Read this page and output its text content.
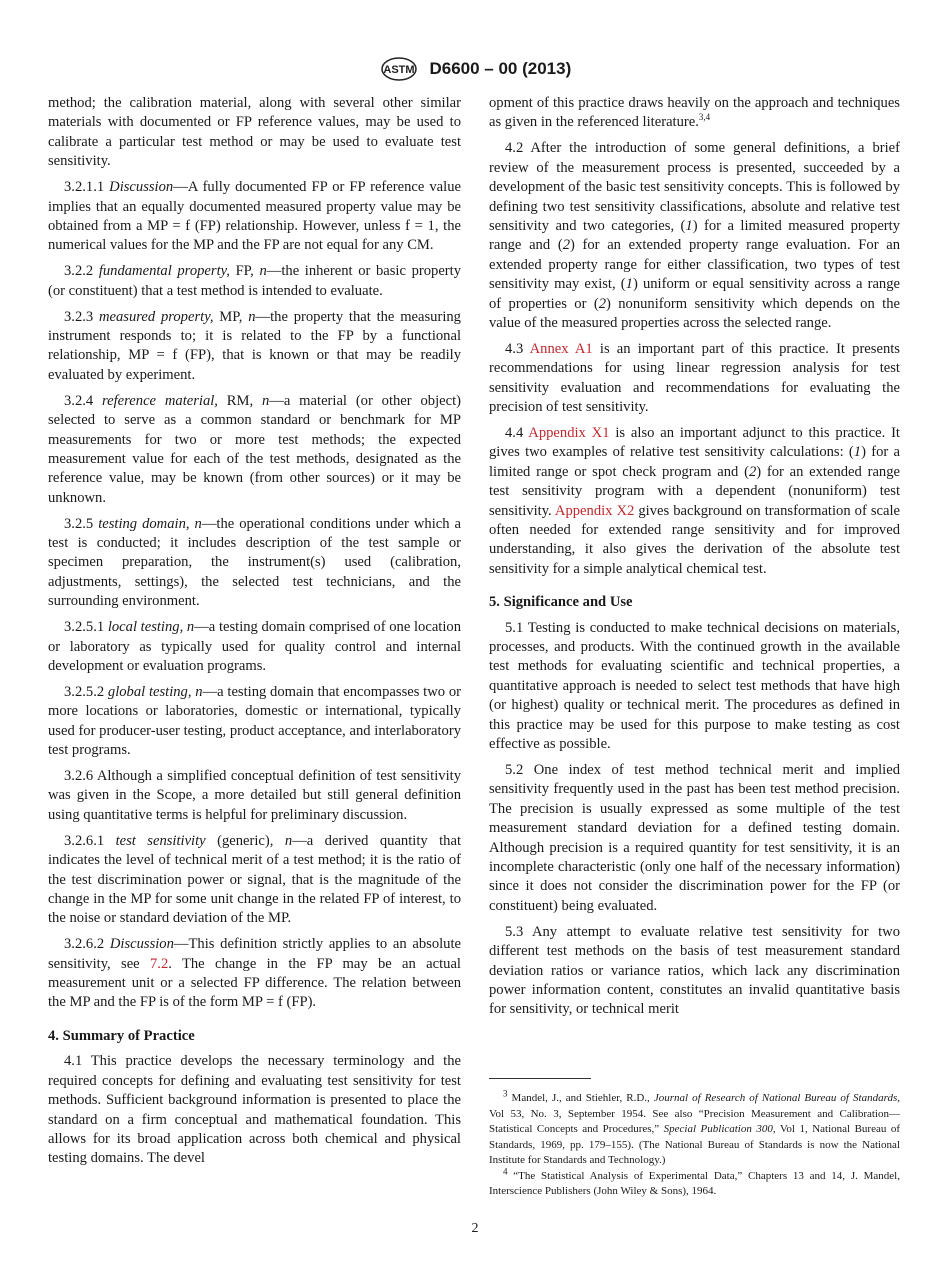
ASTM D6600 – 00 (2013)

method; the calibration material, along with several other similar materials with documented or FP reference values, may be used to calibrate a particular test method or may be used to evaluate test sensitivity.

3.2.1.1 Discussion—A fully documented FP or FP reference value implies that an equally documented measured property value may be obtained from a MP = f (FP) relationship. However, unless f = 1, the numerical values for the MP and the FP are not equal for any CM.

3.2.2 fundamental property, FP, n—the inherent or basic property (or constituent) that a test method is intended to evaluate.

3.2.3 measured property, MP, n—the property that the measuring instrument responds to; it is related to the FP by a functional relationship, MP = f (FP), that is known or that may be readily evaluated by experiment.

3.2.4 reference material, RM, n—a material (or other object) selected to serve as a common standard or benchmark for MP measurements for two or more test methods; the expected measurement value for each of the test methods, designated as the reference value, may be known (from other sources) or it may be unknown.

3.2.5 testing domain, n—the operational conditions under which a test is conducted; it includes description of the test sample or specimen preparation, the instrument(s) used (calibration, adjustments, settings), the selected test technicians, and the surrounding environment.

3.2.5.1 local testing, n—a testing domain comprised of one location or laboratory as typically used for quality control and internal development or evaluation programs.

3.2.5.2 global testing, n—a testing domain that encompasses two or more locations or laboratories, domestic or international, typically used for producer-user testing, product acceptance, and interlaboratory test programs.

3.2.6 Although a simplified conceptual definition of test sensitivity was given in the Scope, a more detailed but still general definition using quantitative terms is helpful for preliminary discussion.

3.2.6.1 test sensitivity (generic), n—a derived quantity that indicates the level of technical merit of a test method; it is the ratio of the test discrimination power or signal, that is the magnitude of the change in the MP for some unit change in the related FP of interest, to the noise or standard deviation of the MP.

3.2.6.2 Discussion—This definition strictly applies to an absolute sensitivity, see 7.2. The change in the FP may be an actual measurement unit or a selected FP difference. The relation between the MP and the FP is of the form MP = f (FP).

4. Summary of Practice

4.1 This practice develops the necessary terminology and the required concepts for defining and evaluating test sensitivity for test methods. Sufficient background information is presented to place the standard on a firm conceptual and mathematical foundation. This allows for its broad application across both chemical and physical testing domains. The devel

opment of this practice draws heavily on the approach and techniques as given in the referenced literature.$^{3,4}$

4.2 After the introduction of some general definitions, a brief review of the measurement process is presented, succeeded by a development of the basic test sensitivity concepts. This is followed by defining two test sensitivity classifications, absolute and relative test sensitivity and two categories, (1) for a limited measured property range and (2) for an extended property range evaluation. For an extended property range for either classification, two types of test sensitivity may exist, (1) uniform or equal sensitivity across a range of properties or (2) nonuniform sensitivity which depends on the value of the measured properties across the selected range.

4.3 Annex A1 is an important part of this practice. It presents recommendations for using linear regression analysis for test sensitivity evaluation and recommendations for evaluating the precision of test sensitivity.

4.4 Appendix X1 is also an important adjunct to this practice. It gives two examples of relative test sensitivity calculations: (1) for a limited range or spot check program and (2) for an extended range test sensitivity program with a dependent (nonuniform) test sensitivity. Appendix X2 gives background on transformation of scale often needed for extended range sensitivity and for improved understanding, it also gives the derivation of the absolute test sensitivity for a simple analytical chemical test.

5. Significance and Use

5.1 Testing is conducted to make technical decisions on materials, processes, and products. With the continued growth in the available test methods for evaluating scientific and technical properties, a quantitative approach is needed to select test methods that have high (or highest) quality or technical merit. The procedures as defined in this practice may be used for this purpose to make testing as cost effective as possible.

5.2 One index of test method technical merit and implied sensitivity frequently used in the past has been test method precision. The precision is usually expressed as some multiple of the test measurement standard deviation for a defined testing domain. Although precision is a required quantity for test sensitivity, it is an incomplete characteristic (only one half of the necessary information) since it does not consider the discrimination power for the FP (or constituent) being evaluated.

5.3 Any attempt to evaluate relative test sensitivity for two different test methods on the basis of test measurement standard deviation ratios or variance ratios, which lack any discrimination power information content, constitutes an invalid quantitative basis for sensitivity, or technical merit

$^3$ Mandel, J., and Stiehler, R.D., Journal of Research of National Bureau of Standards, Vol 53, No. 3, September 1954. See also “Precision Measurement and Calibration—Statistical Concepts and Procedures,” Special Publication 300, Vol 1, National Bureau of Standards, 1969, pp. 179–155). (The National Bureau of Standards is now the National Institute for Standards and Technology.)

$^4$ “The Statistical Analysis of Experimental Data,” Chapters 13 and 14, J. Mandel, Interscience Publishers (John Wiley & Sons), 1964.

2
